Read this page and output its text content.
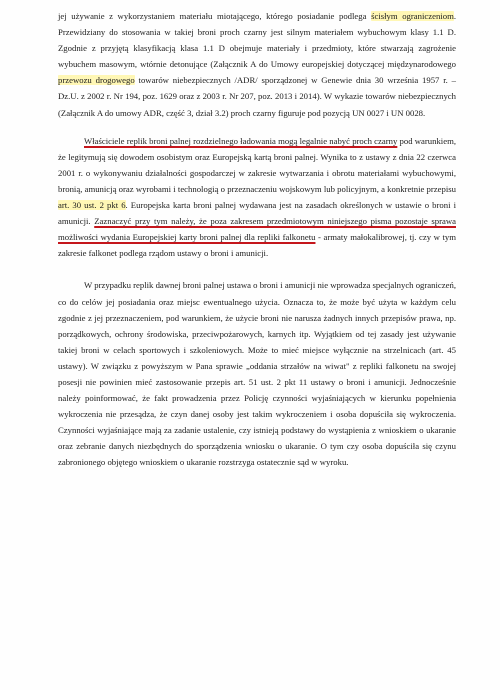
jej używanie z wykorzystaniem materiału miotającego, którego posiadanie podlega ścisłym ograniczeniom. Przewidziany do stosowania w takiej broni proch czarny jest silnym materiałem wybuchowym klasy 1.1 D. Zgodnie z przyjętą klasyfikacją klasa 1.1 D obejmuje materiały i przedmioty, które stwarzają zagrożenie wybuchem masowym, wtórnie detonujące (Załącznik A do Umowy europejskiej dotyczącej międzynarodowego przewozu drogowego towarów niebezpiecznych /ADR/ sporządzonej w Genewie dnia 30 września 1957 r. – Dz.U. z 2002 r. Nr 194, poz. 1629 oraz z 2003 r. Nr 207, poz. 2013 i 2014). W wykazie towarów niebezpiecznych (Załącznik A do umowy ADR, część 3, dział 3.2) proch czarny figuruje pod pozycją UN 0027 i UN 0028.

Właściciele replik broni palnej rozdzielnego ładowania mogą legalnie nabyć proch czarny pod warunkiem, że legitymują się dowodem osobistym oraz Europejską kartą broni palnej. Wynika to z ustawy z dnia 22 czerwca 2001 r. o wykonywaniu działalności gospodarczej w zakresie wytwarzania i obrotu materiałami wybuchowymi, bronią, amunicją oraz wyrobami i technologią o przeznaczeniu wojskowym lub policyjnym, a konkretnie przepisu art. 30 ust. 2 pkt 6. Europejska karta broni palnej wydawana jest na zasadach określonych w ustawie o broni i amunicji. Zaznaczyć przy tym należy, że poza zakresem przedmiotowym niniejszego pisma pozostaje sprawa możliwości wydania Europejskiej karty broni palnej dla repliki falkonetu - armaty małokalibrowej, tj. czy w tym zakresie falkonet podlega rządom ustawy o broni i amunicji.

W przypadku replik dawnej broni palnej ustawa o broni i amunicji nie wprowadza specjalnych ograniczeń, co do celów jej posiadania oraz miejsc ewentualnego użycia. Oznacza to, że może być użyta w każdym celu zgodnie z jej przeznaczeniem, pod warunkiem, że użycie broni nie narusza żadnych innych przepisów prawa, np. porządkowych, ochrony środowiska, przeciwpożarowych, karnych itp. Wyjątkiem od tej zasady jest używanie takiej broni w celach sportowych i szkoleniowych. Może to mieć miejsce wyłącznie na strzelnicach (art. 45 ustawy). W związku z powyższym w Pana sprawie „oddania strzałów na wiwat" z repliki falkonetu na swojej posesji nie powinien mieć zastosowanie przepis art. 51 ust. 2 pkt 11 ustawy o broni i amunicji. Jednocześnie należy poinformować, że fakt prowadzenia przez Policję czynności wyjaśniających w kierunku popełnienia wykroczenia nie przesądza, że czyn danej osoby jest takim wykroczeniem i osoba dopuściła się wykroczenia. Czynności wyjaśniające mają za zadanie ustalenie, czy istnieją podstawy do wystąpienia z wnioskiem o ukaranie oraz zebranie danych niezbędnych do sporządzenia wniosku o ukaranie. O tym czy osoba dopuściła się czynu zabronionego objętego wnioskiem o ukaranie rozstrzyga ostatecznie sąd w wyroku.
